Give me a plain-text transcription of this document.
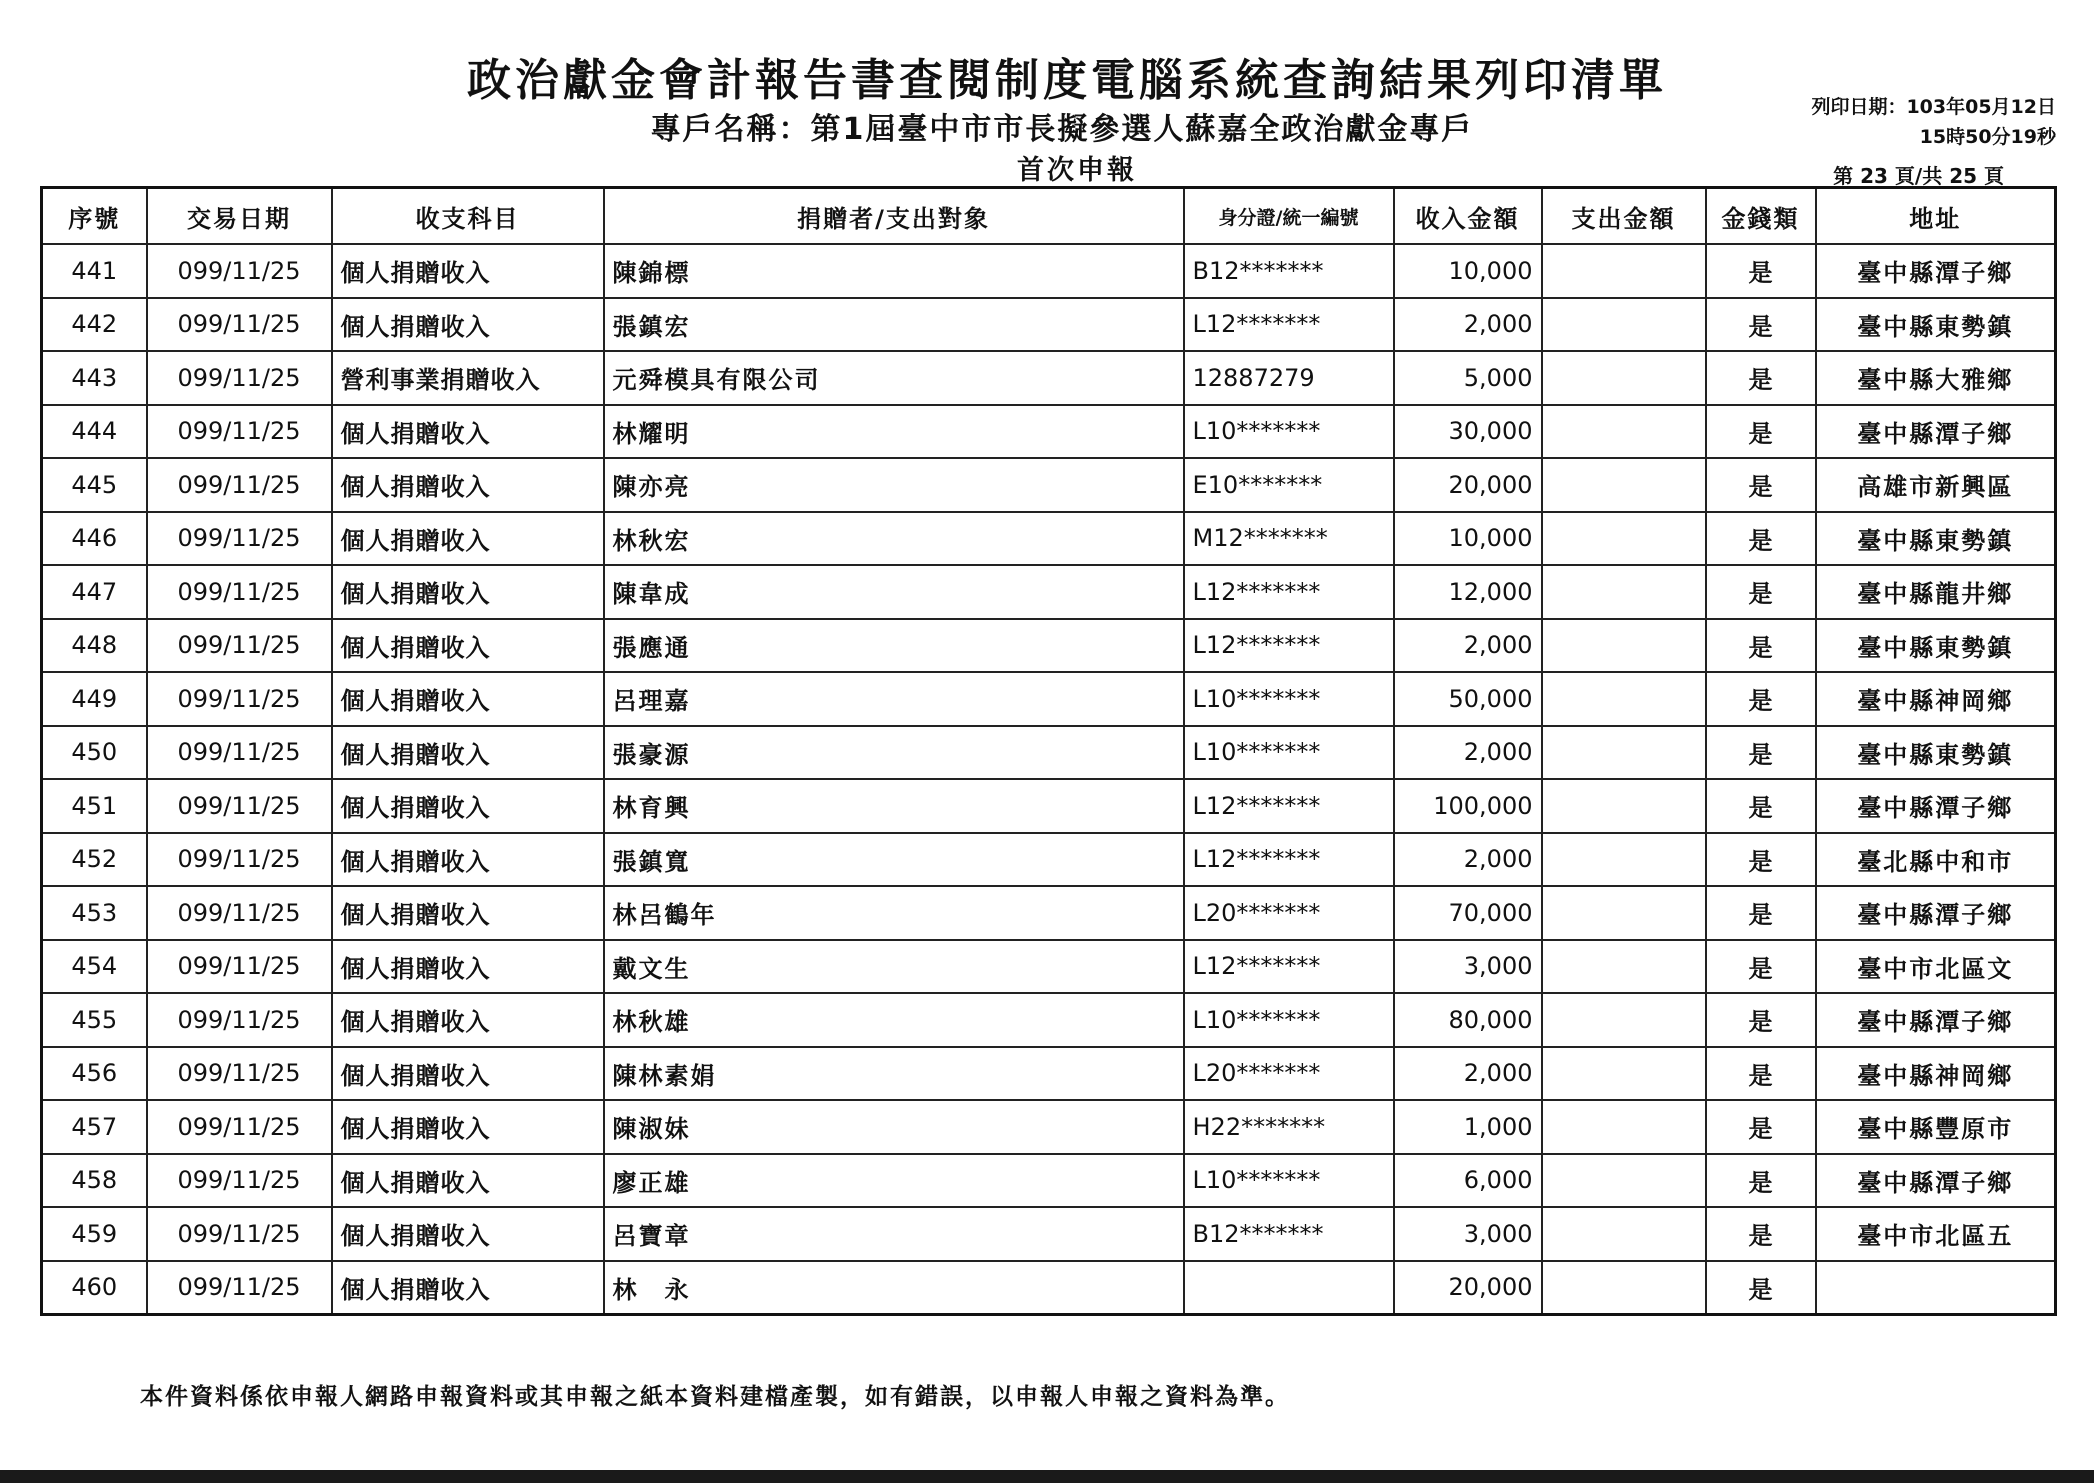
政治獻金會計報告書查閱制度電腦系統查詢結果列印清單
專戶名稱：第1屆臺中市市長擬參選人蘇嘉全政治獻金專戶
首次申報
列印日期：103年05月12日
15時50分19秒
第 23 頁/共 25 頁
序號	交易日期	收支科目	捐贈者/支出對象	身分證/統一編號	收入金額	支出金額	金錢類	地址
441	099/11/25	個人捐贈收入	陳錦標	B12*******	10,000		是	臺中縣潭子鄉
442	099/11/25	個人捐贈收入	張鎮宏	L12*******	2,000		是	臺中縣東勢鎮
443	099/11/25	營利事業捐贈收入	元舜模具有限公司	12887279	5,000		是	臺中縣大雅鄉
444	099/11/25	個人捐贈收入	林耀明	L10*******	30,000		是	臺中縣潭子鄉
445	099/11/25	個人捐贈收入	陳亦亮	E10*******	20,000		是	高雄市新興區
446	099/11/25	個人捐贈收入	林秋宏	M12*******	10,000		是	臺中縣東勢鎮
447	099/11/25	個人捐贈收入	陳韋成	L12*******	12,000		是	臺中縣龍井鄉
448	099/11/25	個人捐贈收入	張應通	L12*******	2,000		是	臺中縣東勢鎮
449	099/11/25	個人捐贈收入	呂理嘉	L10*******	50,000		是	臺中縣神岡鄉
450	099/11/25	個人捐贈收入	張豪源	L10*******	2,000		是	臺中縣東勢鎮
451	099/11/25	個人捐贈收入	林育興	L12*******	100,000		是	臺中縣潭子鄉
452	099/11/25	個人捐贈收入	張鎮寬	L12*******	2,000		是	臺北縣中和市
453	099/11/25	個人捐贈收入	林呂鶴年	L20*******	70,000		是	臺中縣潭子鄉
454	099/11/25	個人捐贈收入	戴文生	L12*******	3,000		是	臺中市北區文
455	099/11/25	個人捐贈收入	林秋雄	L10*******	80,000		是	臺中縣潭子鄉
456	099/11/25	個人捐贈收入	陳林素娟	L20*******	2,000		是	臺中縣神岡鄉
457	099/11/25	個人捐贈收入	陳淑妹	H22*******	1,000		是	臺中縣豐原市
458	099/11/25	個人捐贈收入	廖正雄	L10*******	6,000		是	臺中縣潭子鄉
459	099/11/25	個人捐贈收入	呂寶章	B12*******	3,000		是	臺中市北區五
460	099/11/25	個人捐贈收入	林　永		20,000		是	
本件資料係依申報人網路申報資料或其申報之紙本資料建檔產製，如有錯誤，以申報人申報之資料為準。
